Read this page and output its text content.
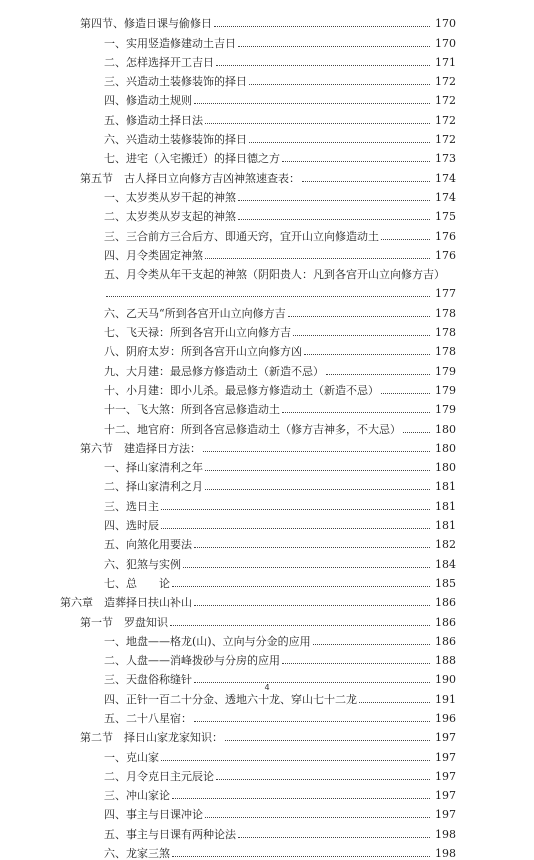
第四节、修造日课与偷修日	170
一、实用竖造修建动土吉日	170
二、怎样选择开工吉日	171
三、兴造动土装修装饰的择日	172
四、修造动土规则	172
五、修造动土择日法	172
六、兴造动土装修装饰的择日	172
七、进宅（入宅搬迁）的择日德之方	173
第五节　古人择日立向修方吉凶神煞速查表：	174
一、太岁类从岁干起的神煞	174
二、太岁类从岁支起的神煞	175
三、三合前方三合后方、即通天窍，宜开山立向修造动土	176
四、月令类固定神煞	176
五、月令类从年干支起的神煞（阴阳贵人：凡到各宫开山立向修方吉）
177
六、乙天马“所到各宫开山立向修方吉	178
七、飞天禄：所到各宫开山立向修方吉	178
八、阴府太岁：所到各宫开山立向修方凶	178
九、大月建：最忌修方修造动土（新造不忌）	179
十、小月建：即小儿杀。最忌修方修造动土（新造不忌）	179
十一、飞大煞：所到各宫忌修造动土	179
十二、地官府：所到各宫忌修造动土（修方吉神多，不大忌）	180
第六节　建造择日方法：	180
一、择山家清利之年	180
二、择山家清利之月	181
三、选日主	181
四、选时辰	181
五、向煞化用要法	182
六、犯煞与实例	184
七、总　　论	185
第六章　造葬择日扶山补山	186
第一节　罗盘知识	186
一、地盘——格龙(山)、立向与分金的应用	186
二、人盘——消峰拨砂与分房的应用	188
三、天盘俗称缝针	190
四、正针一百二十分金、透地六十龙、穿山七十二龙	191
五、二十八星宿：	196
第二节　择日山家龙家知识：	197
一、克山家	197
二、月令克日主元辰论	197
三、冲山家论	197
四、事主与日课冲论	197
五、事主与日课有两种论法	198
六、龙家三煞	198
4
